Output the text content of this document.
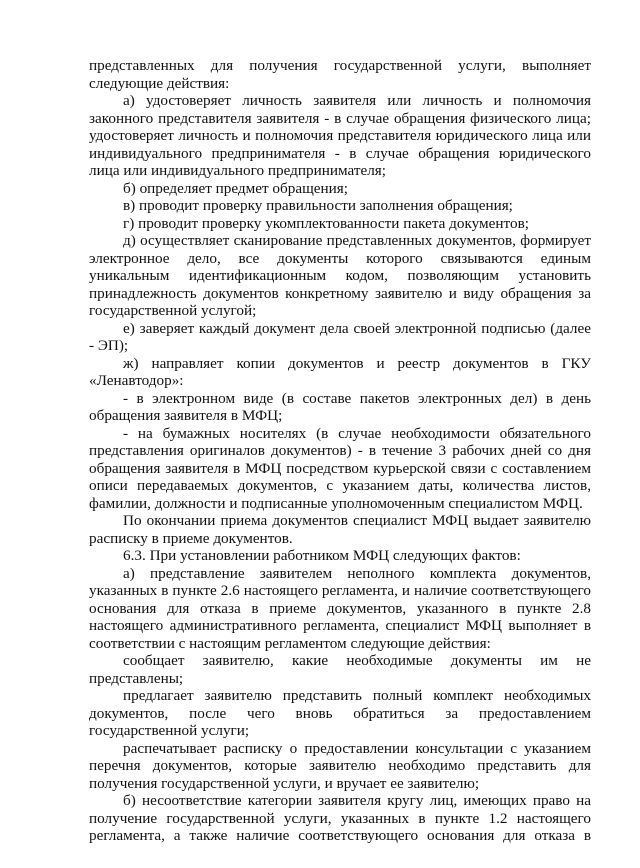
представленных для получения государственной услуги, выполняет следующие действия:

а) удостоверяет личность заявителя или личность и полномочия законного представителя заявителя - в случае обращения физического лица; удостоверяет личность и полномочия представителя юридического лица или индивидуального предпринимателя - в случае обращения юридического лица или индивидуального предпринимателя;

б) определяет предмет обращения;

в) проводит проверку правильности заполнения обращения;

г) проводит проверку укомплектованности пакета документов;

д) осуществляет сканирование представленных документов, формирует электронное дело, все документы которого связываются единым уникальным идентификационным кодом, позволяющим установить принадлежность документов конкретному заявителю и виду обращения за государственной услугой;

е) заверяет каждый документ дела своей электронной подписью (далее - ЭП);

ж) направляет копии документов и реестр документов в ГКУ «Ленавтодор»:

- в электронном виде (в составе пакетов электронных дел) в день обращения заявителя в МФЦ;

- на бумажных носителях (в случае необходимости обязательного представления оригиналов документов) - в течение 3 рабочих дней со дня обращения заявителя в МФЦ посредством курьерской связи с составлением описи передаваемых документов, с указанием даты, количества листов, фамилии, должности и подписанные уполномоченным специалистом МФЦ.

По окончании приема документов специалист МФЦ выдает заявителю расписку в приеме документов.

6.3. При установлении работником МФЦ следующих фактов:

а) представление заявителем неполного комплекта документов, указанных в пункте 2.6 настоящего регламента, и наличие соответствующего основания для отказа в приеме документов, указанного в пункте 2.8 настоящего административного регламента, специалист МФЦ выполняет в соответствии с настоящим регламентом следующие действия:

сообщает заявителю, какие необходимые документы им не представлены;

предлагает заявителю представить полный комплект необходимых документов, после чего вновь обратиться за предоставлением государственной услуги;

распечатывает расписку о предоставлении консультации с указанием перечня документов, которые заявителю необходимо представить для получения государственной услуги, и вручает ее заявителю;

б) несоответствие категории заявителя кругу лиц, имеющих право на получение государственной услуги, указанных в пункте 1.2 настоящего регламента, а также наличие соответствующего основания для отказа в
